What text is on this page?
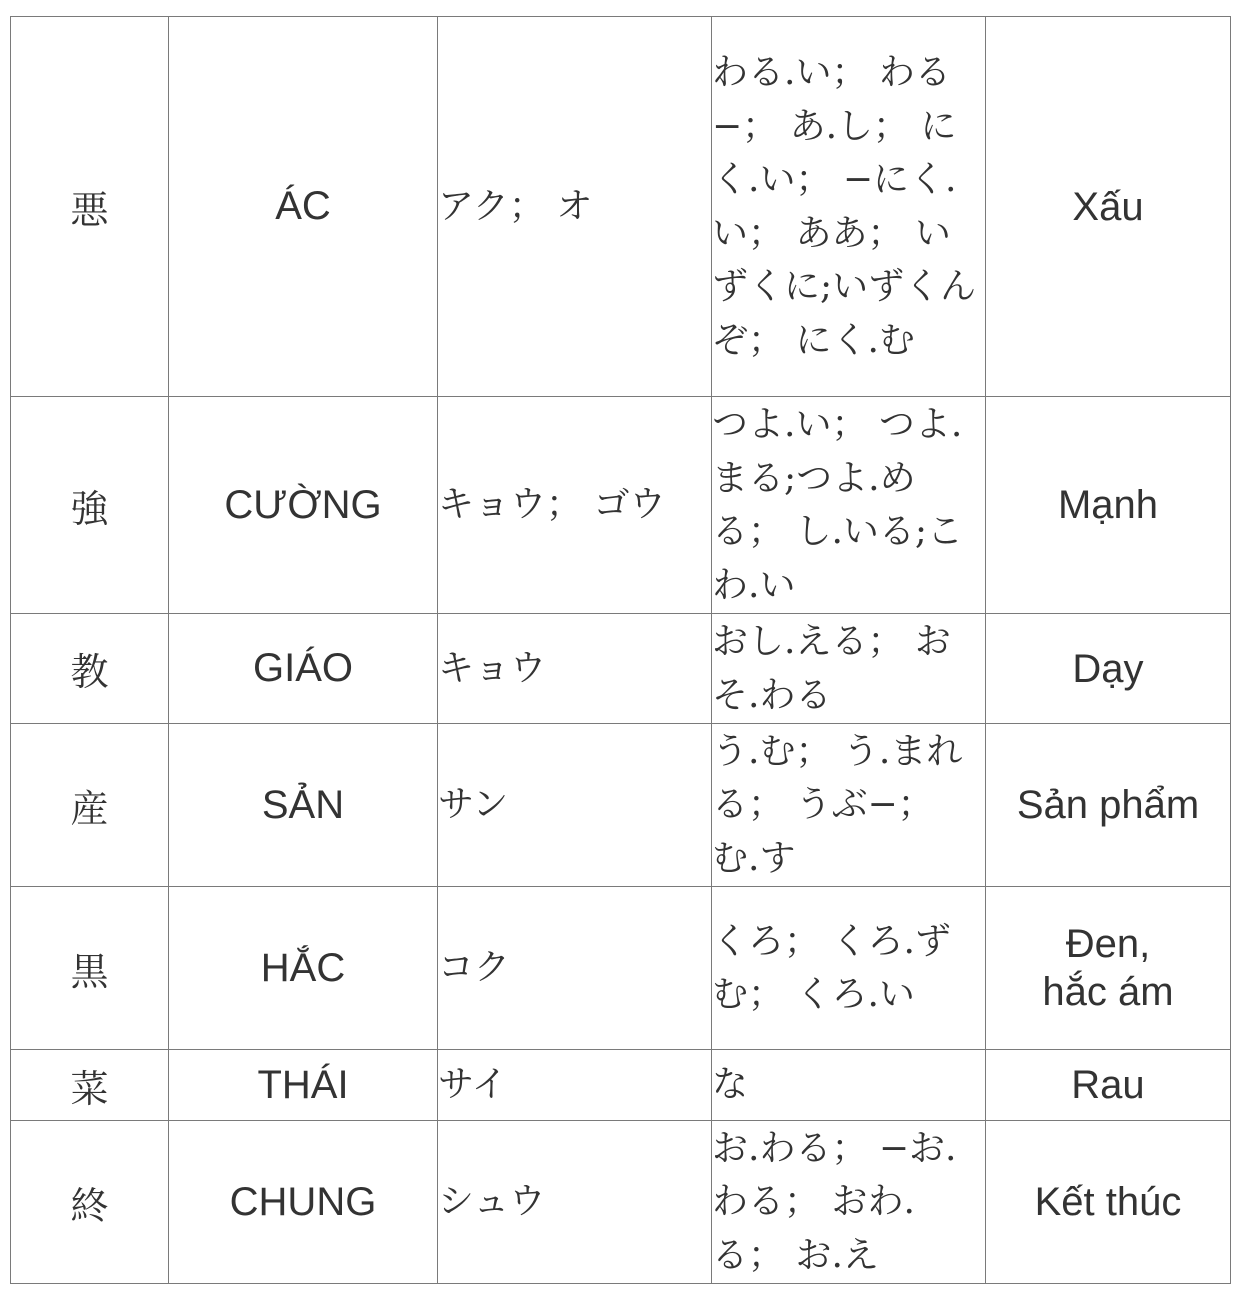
悪	ÁC	アク； オ	わる.い； わる−； あ.し； にく.い； −にく.い； ああ； いずくに;いずくんぞ； にく.む	Xấu

強	CƯỜNG	キョウ； ゴウ	つよ.い； つよ.まる;つよ.める； し.いる;こわ.い	Mạnh

教	GIÁO	キョウ	おし.える； おそ.わる	Dạy

産	SẢN	サン	う.む； う.まれる； うぶ−； む.す	Sản phẩm

黒	HẮC	コク	くろ； くろ.ずむ； くろ.い	Đen,
hắc ám

菜	THÁI	サイ	な	Rau

終	CHUNG	シュウ	お.わる； −お.わる； おわ.る； お.え	Kết thúc
